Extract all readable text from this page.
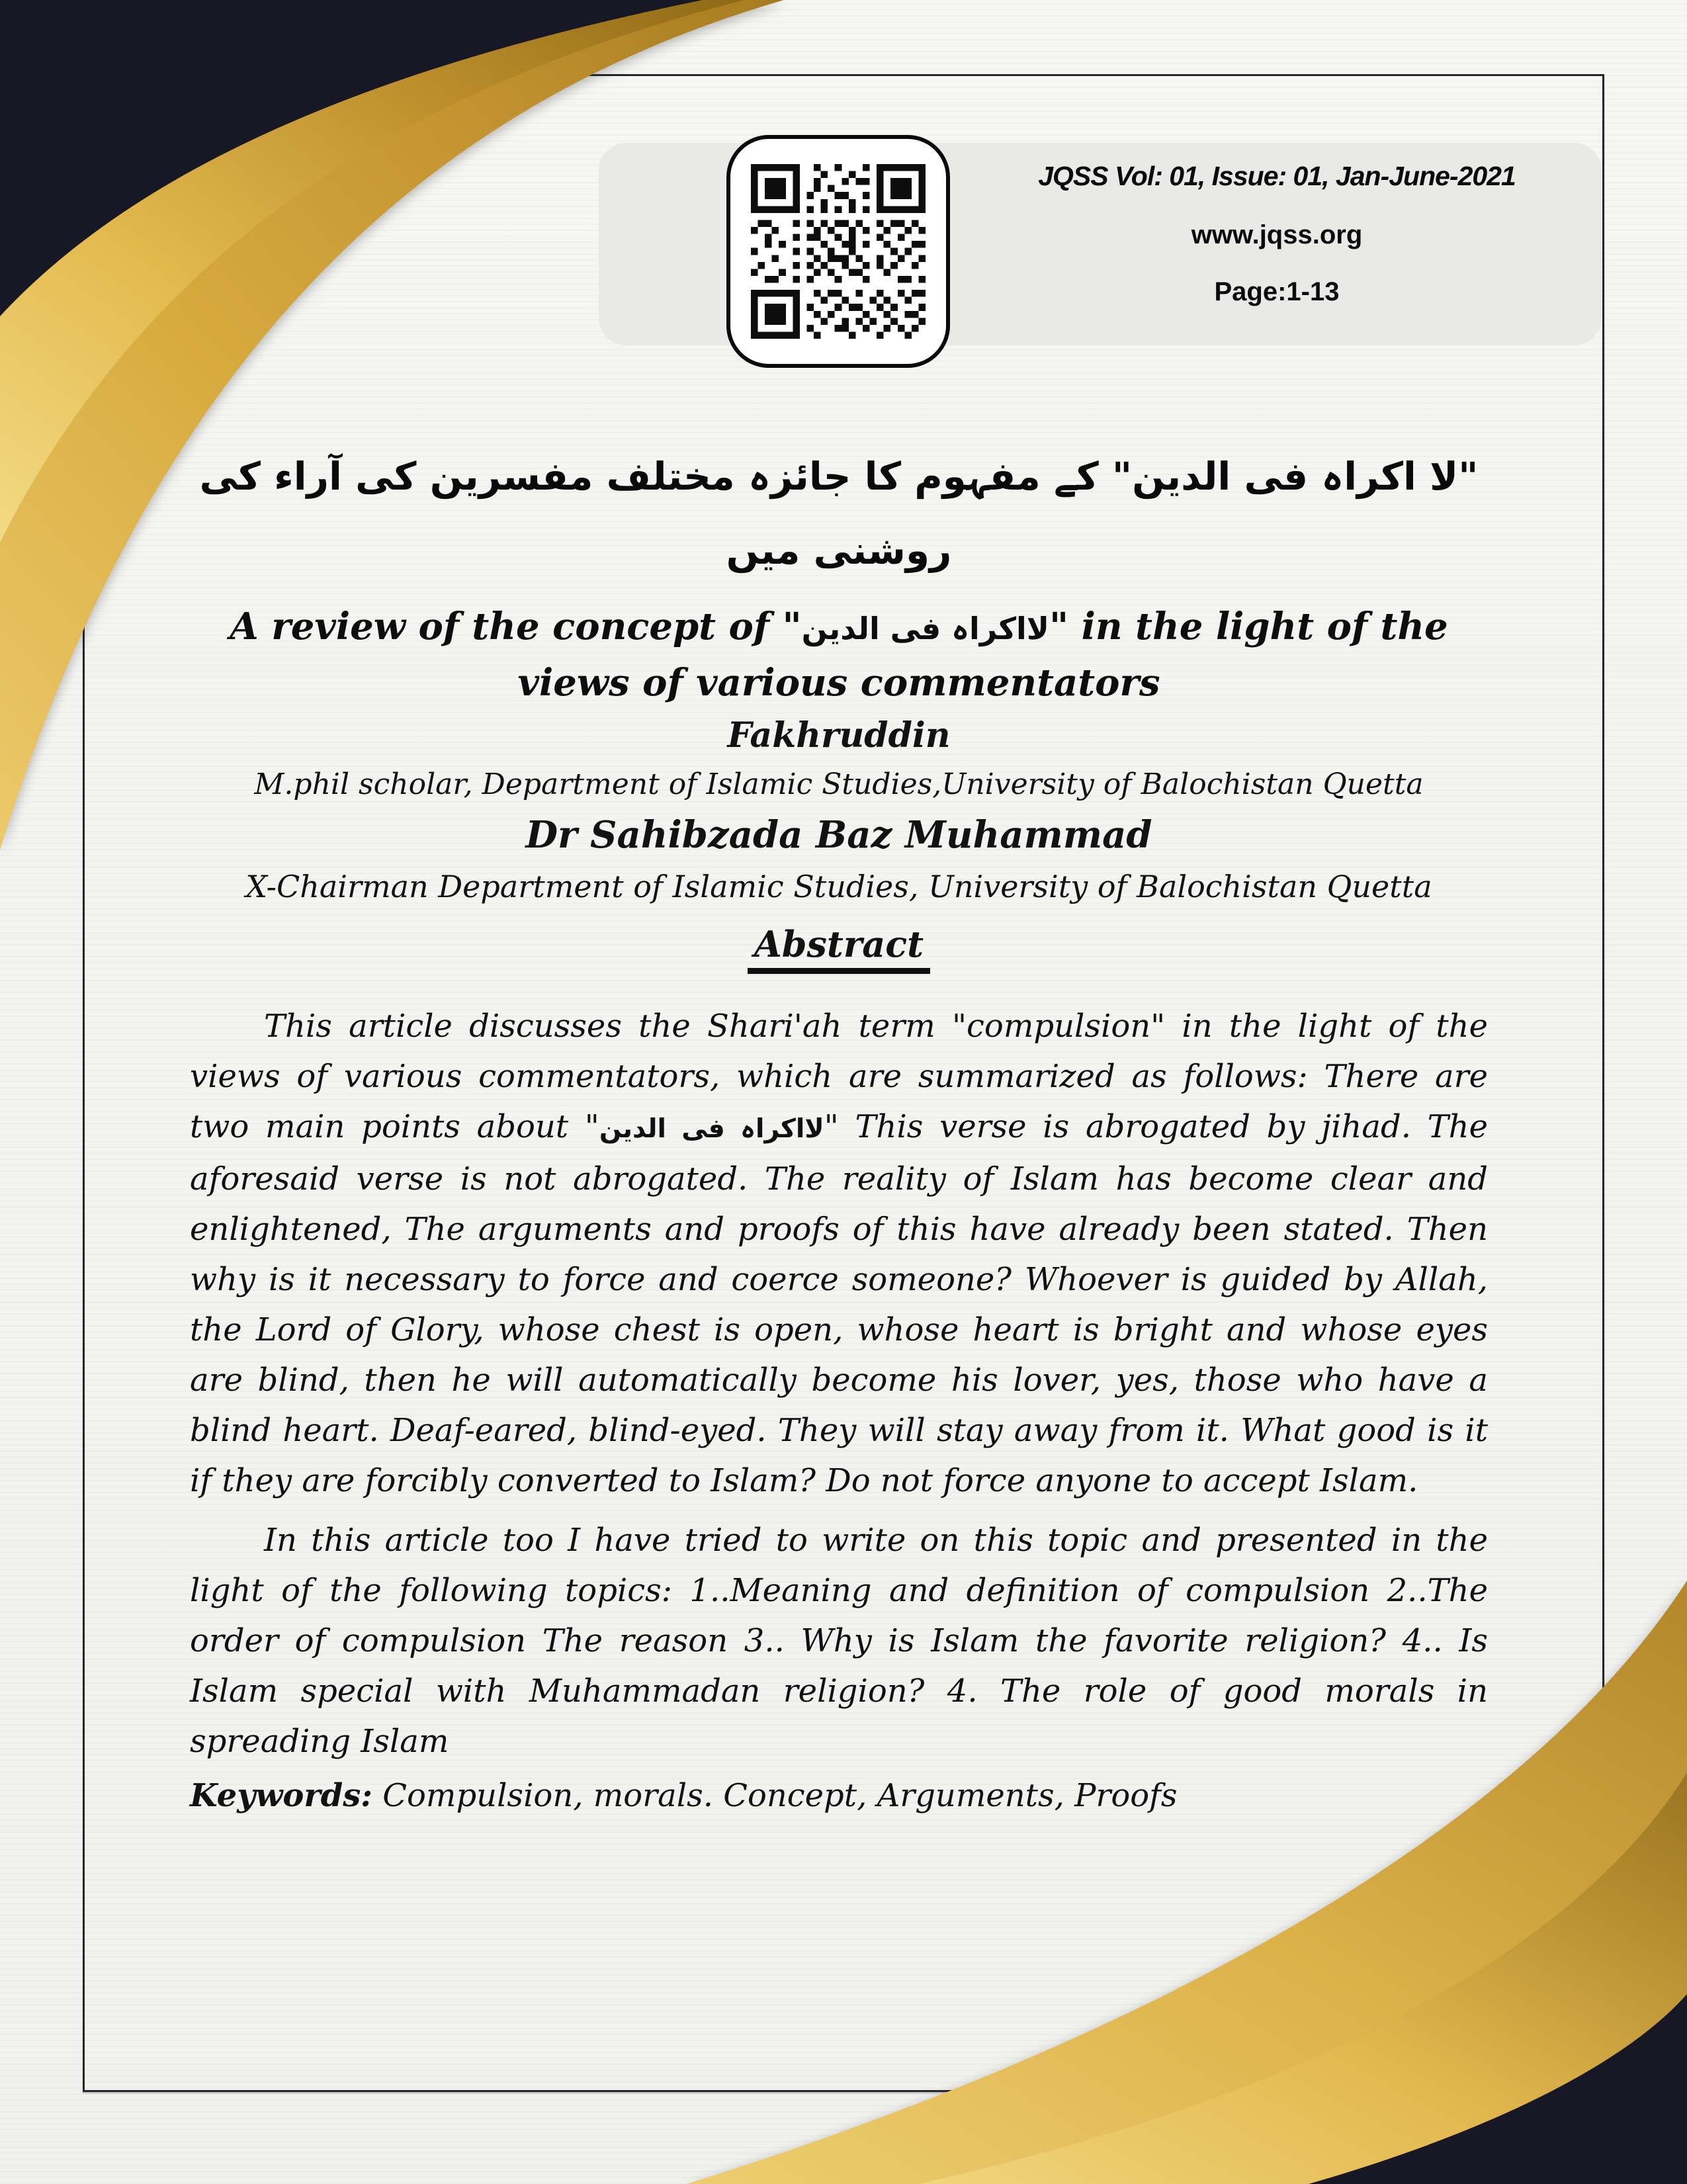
JQSS Vol: 01, Issue: 01, Jan-June-2021
www.jqss.org
Page:1-13
"لا اکراہ فی الدین" کے مفہوم کا جائزہ مختلف مفسرین کی آراء کی روشنی میں
A review of the concept of "لااکراہ فی الدین" in the light of the views of various commentators
Fakhruddin
M.phil scholar, Department of Islamic Studies,University of Balochistan Quetta
Dr Sahibzada Baz Muhammad
X-Chairman Department of Islamic Studies, University of Balochistan Quetta
Abstract

This article discusses the Shari'ah term "compulsion" in the light of the views of various commentators, which are summarized as follows: There are two main points about "لااکراہ فی الدین" This verse is abrogated by jihad. The aforesaid verse is not abrogated. The reality of Islam has become clear and enlightened, The arguments and proofs of this have already been stated. Then why is it necessary to force and coerce someone? Whoever is guided by Allah, the Lord of Glory, whose chest is open, whose heart is bright and whose eyes are blind, then he will automatically become his lover, yes, those who have a blind heart. Deaf-eared, blind-eyed. They will stay away from it. What good is it if they are forcibly converted to Islam? Do not force anyone to accept Islam.

In this article too I have tried to write on this topic and presented in the light of the following topics: 1..Meaning and definition of compulsion 2..The order of compulsion The reason 3.. Why is Islam the favorite religion? 4.. Is Islam special with Muhammadan religion? 4. The role of good morals in spreading Islam

Keywords: Compulsion, morals. Concept, Arguments, Proofs
